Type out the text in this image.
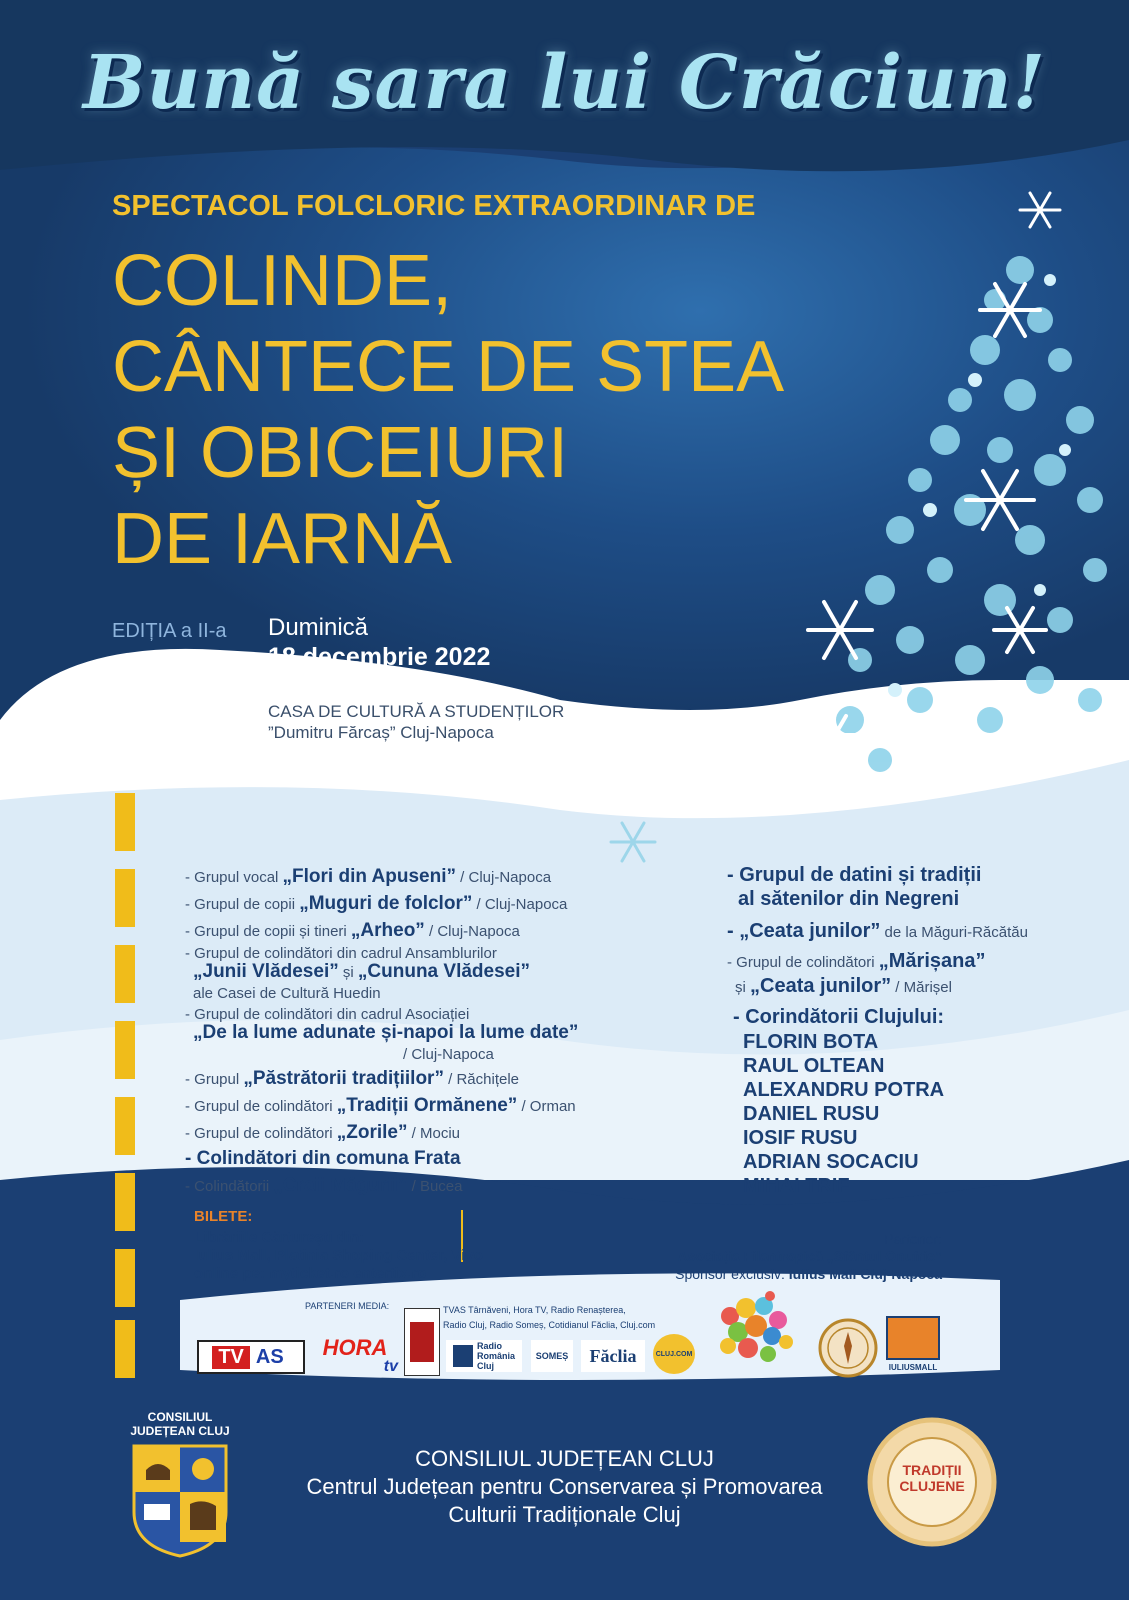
Bună sara lui Crăciun!
SPECTACOL FOLCLORIC EXTRAORDINAR DE
COLINDE,
CÂNTECE DE STEA
ȘI OBICEIURI
DE IARNĂ
EDIȚIA a II-a Duminică
18 decembrie 2022
ora 18:00
CASA DE CULTURĂ A STUDENȚILOR
”Dumitru Fărcaș” Cluj-Napoca
- Grupul vocal „Flori din Apuseni” / Cluj-Napoca
- Grupul de copii „Muguri de folclor” / Cluj-Napoca
- Grupul de copii și tineri „Arheo” / Cluj-Napoca
- Grupul de colindători din cadrul Ansamblurilor
„Junii Vlădesei” și „Cununa Vlădesei”
ale Casei de Cultură Huedin
- Grupul de colindători din cadrul Asociației
„De la lume adunate și-napoi la lume date”
/ Cluj-Napoca
- Grupul „Păstrătorii tradițiilor” / Răchițele
- Grupul de colindători „Tradiții Ormănene” / Orman
- Grupul de colindători „Zorile” / Mociu
- Colindători din comuna Frata
- Colindătorii „Craii Măgurii” / Bucea
- Grupul de datini și tradiții
al sătenilor din Negreni
- „Ceata junilor” de la Măguri-Răcătău
- Grupul de colindători „Mărișana”
și „Ceata junilor” / Mărișel
- Corindătorii Clujului:
FLORIN BOTA
RAUL OLTEAN
ALEXANDRU POTRA
DANIEL RUSU
IOSIF RUSU
ADRIAN SOCACIU
MIHAI TRIF
BILETE:
Librăriile Cărturești din:
Iulius Mall, Platinia Shoping Center, Vivo
online pe: myticket.ro entertix.ro
Partener:
Asociația Filantropică „Sfântul Onufrie”
Sponsor exclusiv: Iulius Mall Cluj-Napoca
PARTENERI MEDIA:	TVAS Târnăveni, Hora TV, Radio Renașterea,
Radio Cluj, Radio Someș, Cotidianul Făclia, Cluj.com
TV AS HORA
tv
Radio
România
Cluj
SOMEȘ	Făclia	CLUJ.COM
IULIUSMALL
CONSILIUL
JUDEȚEAN CLUJ
CONSILIUL JUDEȚEAN CLUJ
Centrul Județean pentru Conservarea și Promovarea
Culturii Tradiționale Cluj
TRADIȚII
CLUJENE
